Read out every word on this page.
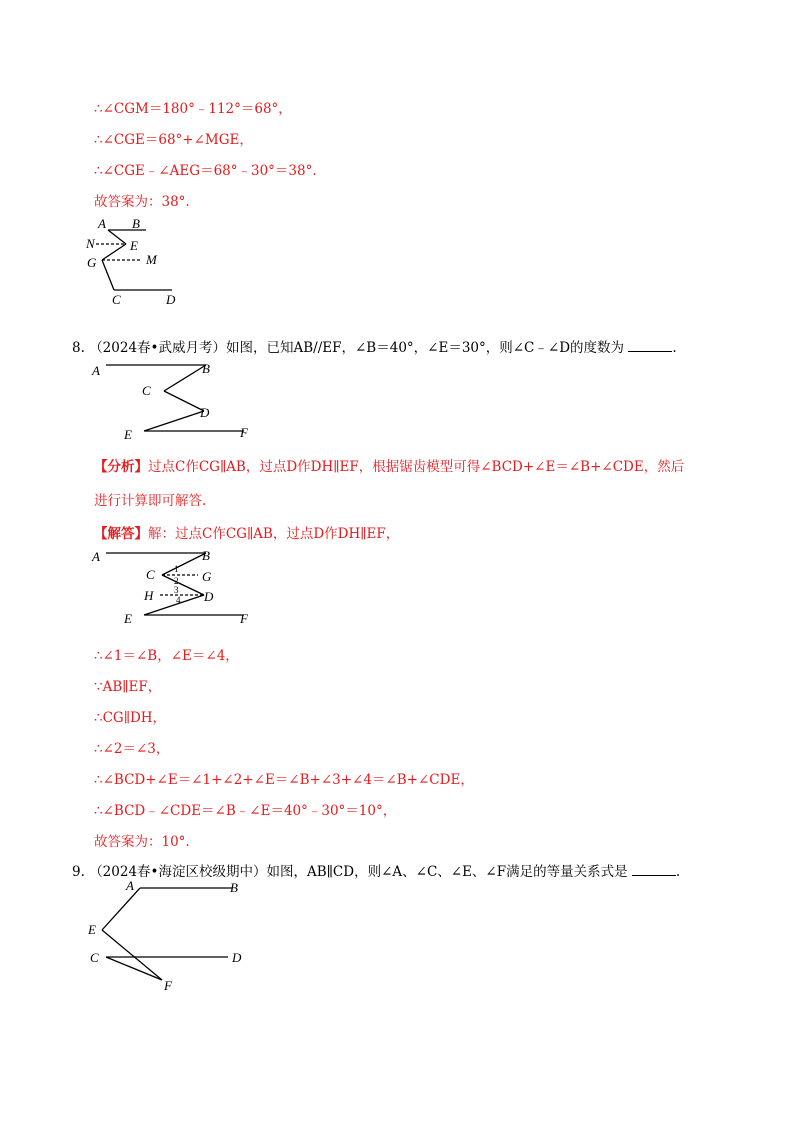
∴∠CGM＝180°﹣112°＝68°，
∴∠CGE＝68°+∠MGE，
∴∠CGE﹣∠AEG＝68°﹣30°＝38°.
故答案为：38°.
A B
N	E
G	M
C	D
8. （2024春•武威月考）如图，已知AB//EF，∠B＝40°，∠E＝30°，则∠C﹣∠D的度数为	.
A	B
C
D
E	F
【分析】过点C作CG∥AB，过点D作DH∥EF，根据锯齿模型可得∠BCD+∠E＝∠B+∠CDE，然后
进行计算即可解答.
【解答】解：过点C作CG∥AB，过点D作DH∥EF，
A	B
C	G
H	D
E	F
1
2
3
4
∴∠1＝∠B，∠E＝∠4，
∵AB∥EF，
∴CG∥DH，
∴∠2＝∠3，
∴∠BCD+∠E＝∠1+∠2+∠E＝∠B+∠3+∠4＝∠B+∠CDE，
∴∠BCD﹣∠CDE＝∠B﹣∠E＝40°﹣30°＝10°，
故答案为：10°.
9. （2024春•海淀区校级期中）如图，AB∥CD，则∠A、∠C、∠E、∠F满足的等量关系式是	.
A	B
E
C	D
F
